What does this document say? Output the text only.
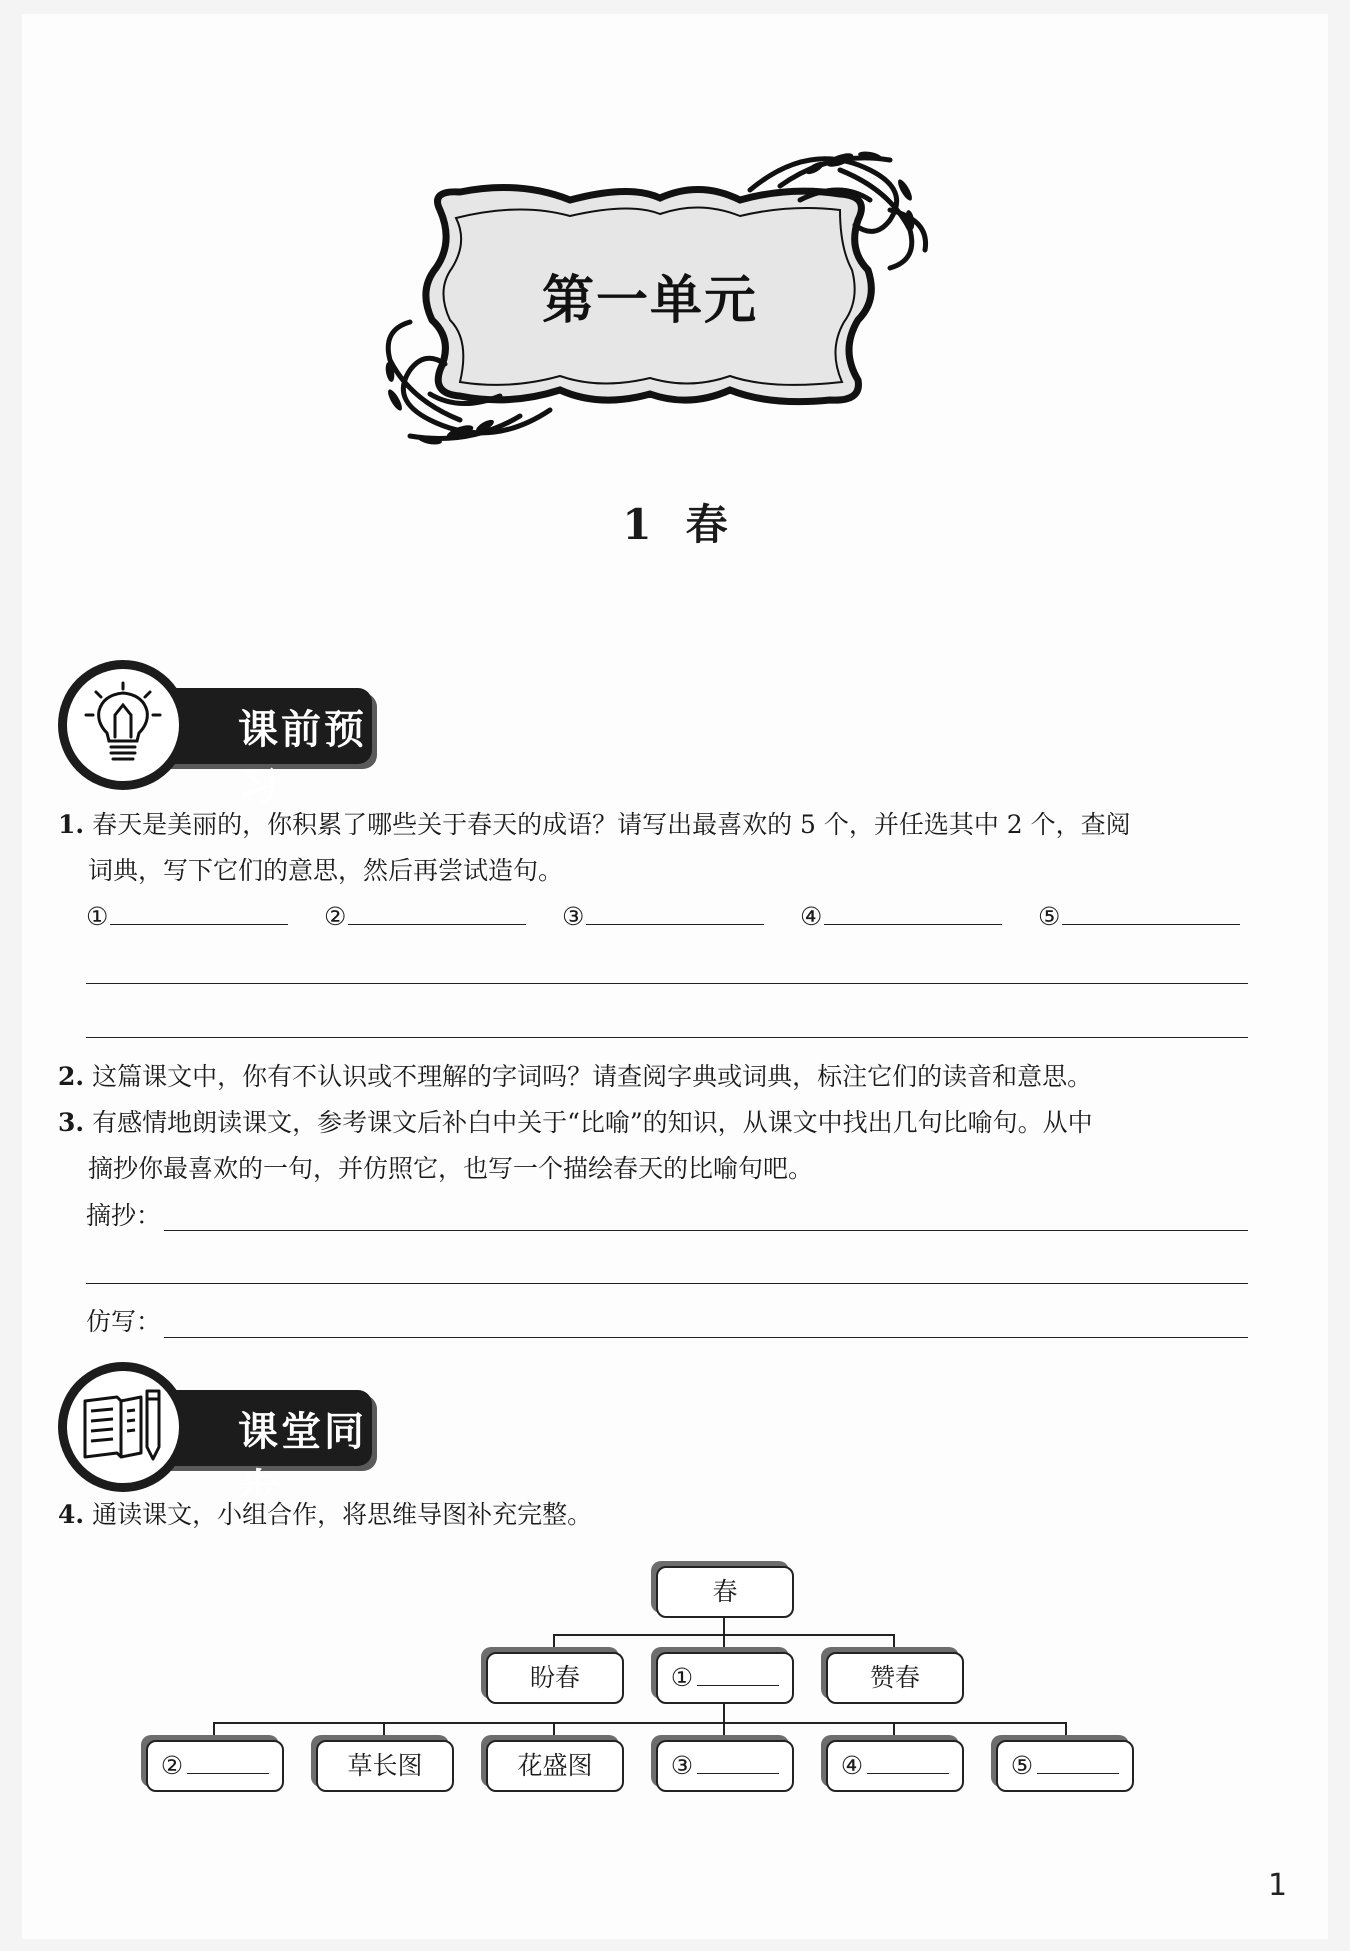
第一单元
1 春
课前预习
1. 春天是美丽的，你积累了哪些关于春天的成语？请写出最喜欢的 5 个，并任选其中 2 个，查阅
词典，写下它们的意思，然后再尝试造句。
①	②	③	④	⑤
2. 这篇课文中，你有不认识或不理解的字词吗？请查阅字典或词典，标注它们的读音和意思。
3. 有感情地朗读课文，参考课文后补白中关于“比喻”的知识，从课文中找出几句比喻句。从中
摘抄你最喜欢的一句，并仿照它，也写一个描绘春天的比喻句吧。
摘抄：
仿写：
课堂同步
4. 通读课文，小组合作，将思维导图补充完整。
春
盼春	①	赞春
②	草长图	花盛图	③	④	⑤
1
